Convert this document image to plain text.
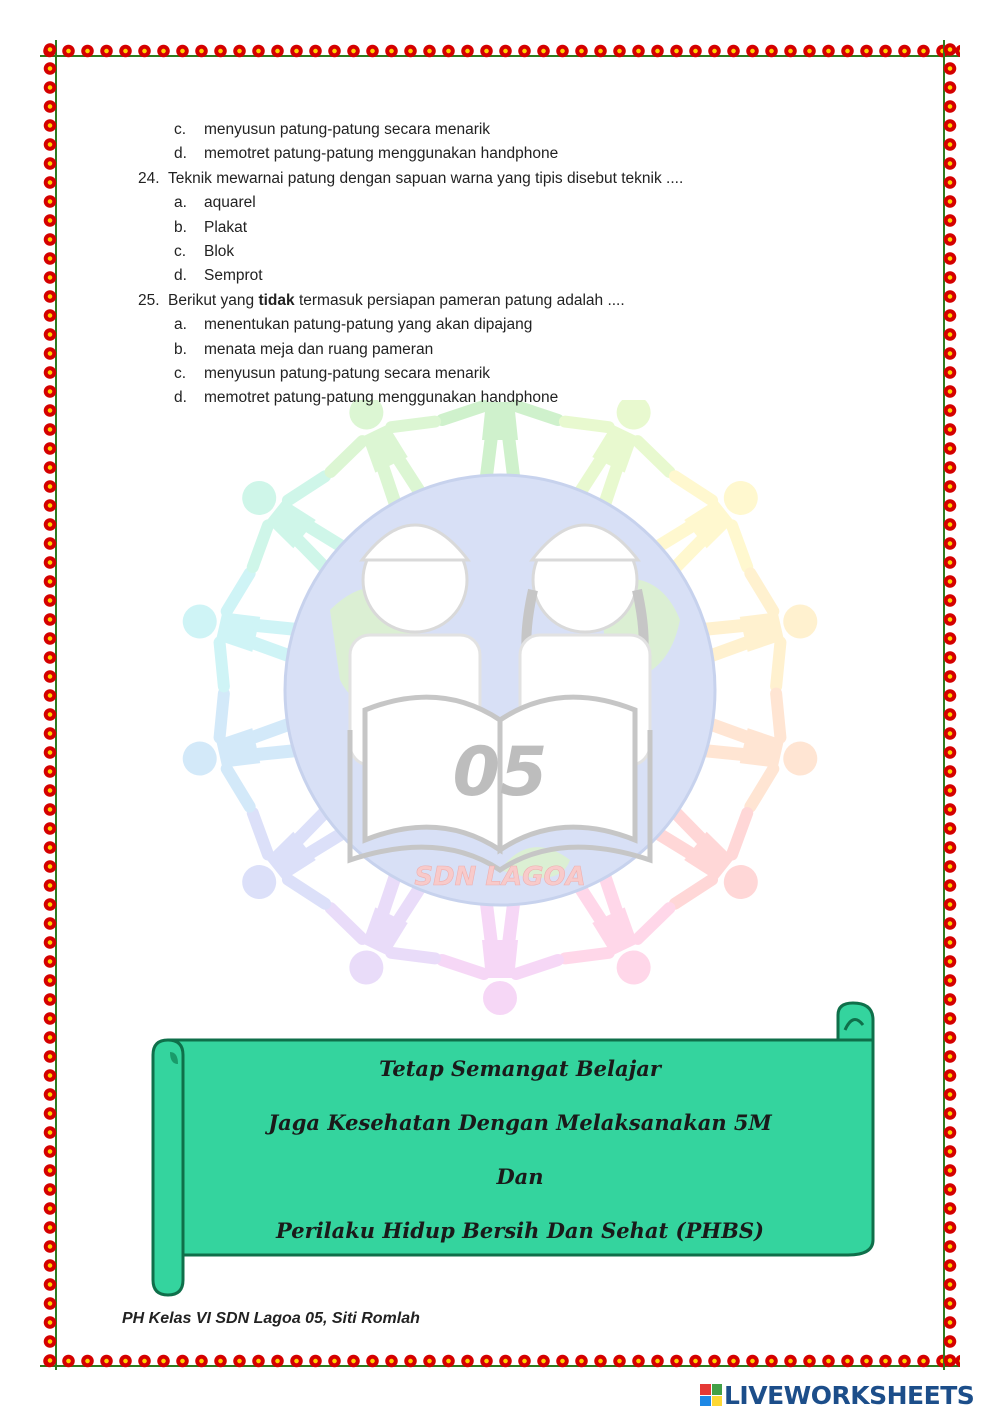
c. menyusun patung-patung secara menarik
d. memotret patung-patung menggunakan handphone
24. Teknik mewarnai patung dengan sapuan warna yang tipis disebut teknik ....
a. aquarel
b. Plakat
c. Blok
d. Semprot
25. Berikut yang tidak termasuk persiapan pameran patung adalah ....
a. menentukan patung-patung yang akan dipajang
b. menata meja dan ruang pameran
c. menyusun patung-patung secara menarik
d. memotret patung-patung menggunakan handphone
05
SDN LAGOA
Tetap Semangat Belajar
Jaga Kesehatan Dengan Melaksanakan 5M
Dan
Perilaku Hidup Bersih Dan Sehat (PHBS)
PH Kelas VI SDN Lagoa 05, Siti Romlah
LIVEWORKSHEETS
